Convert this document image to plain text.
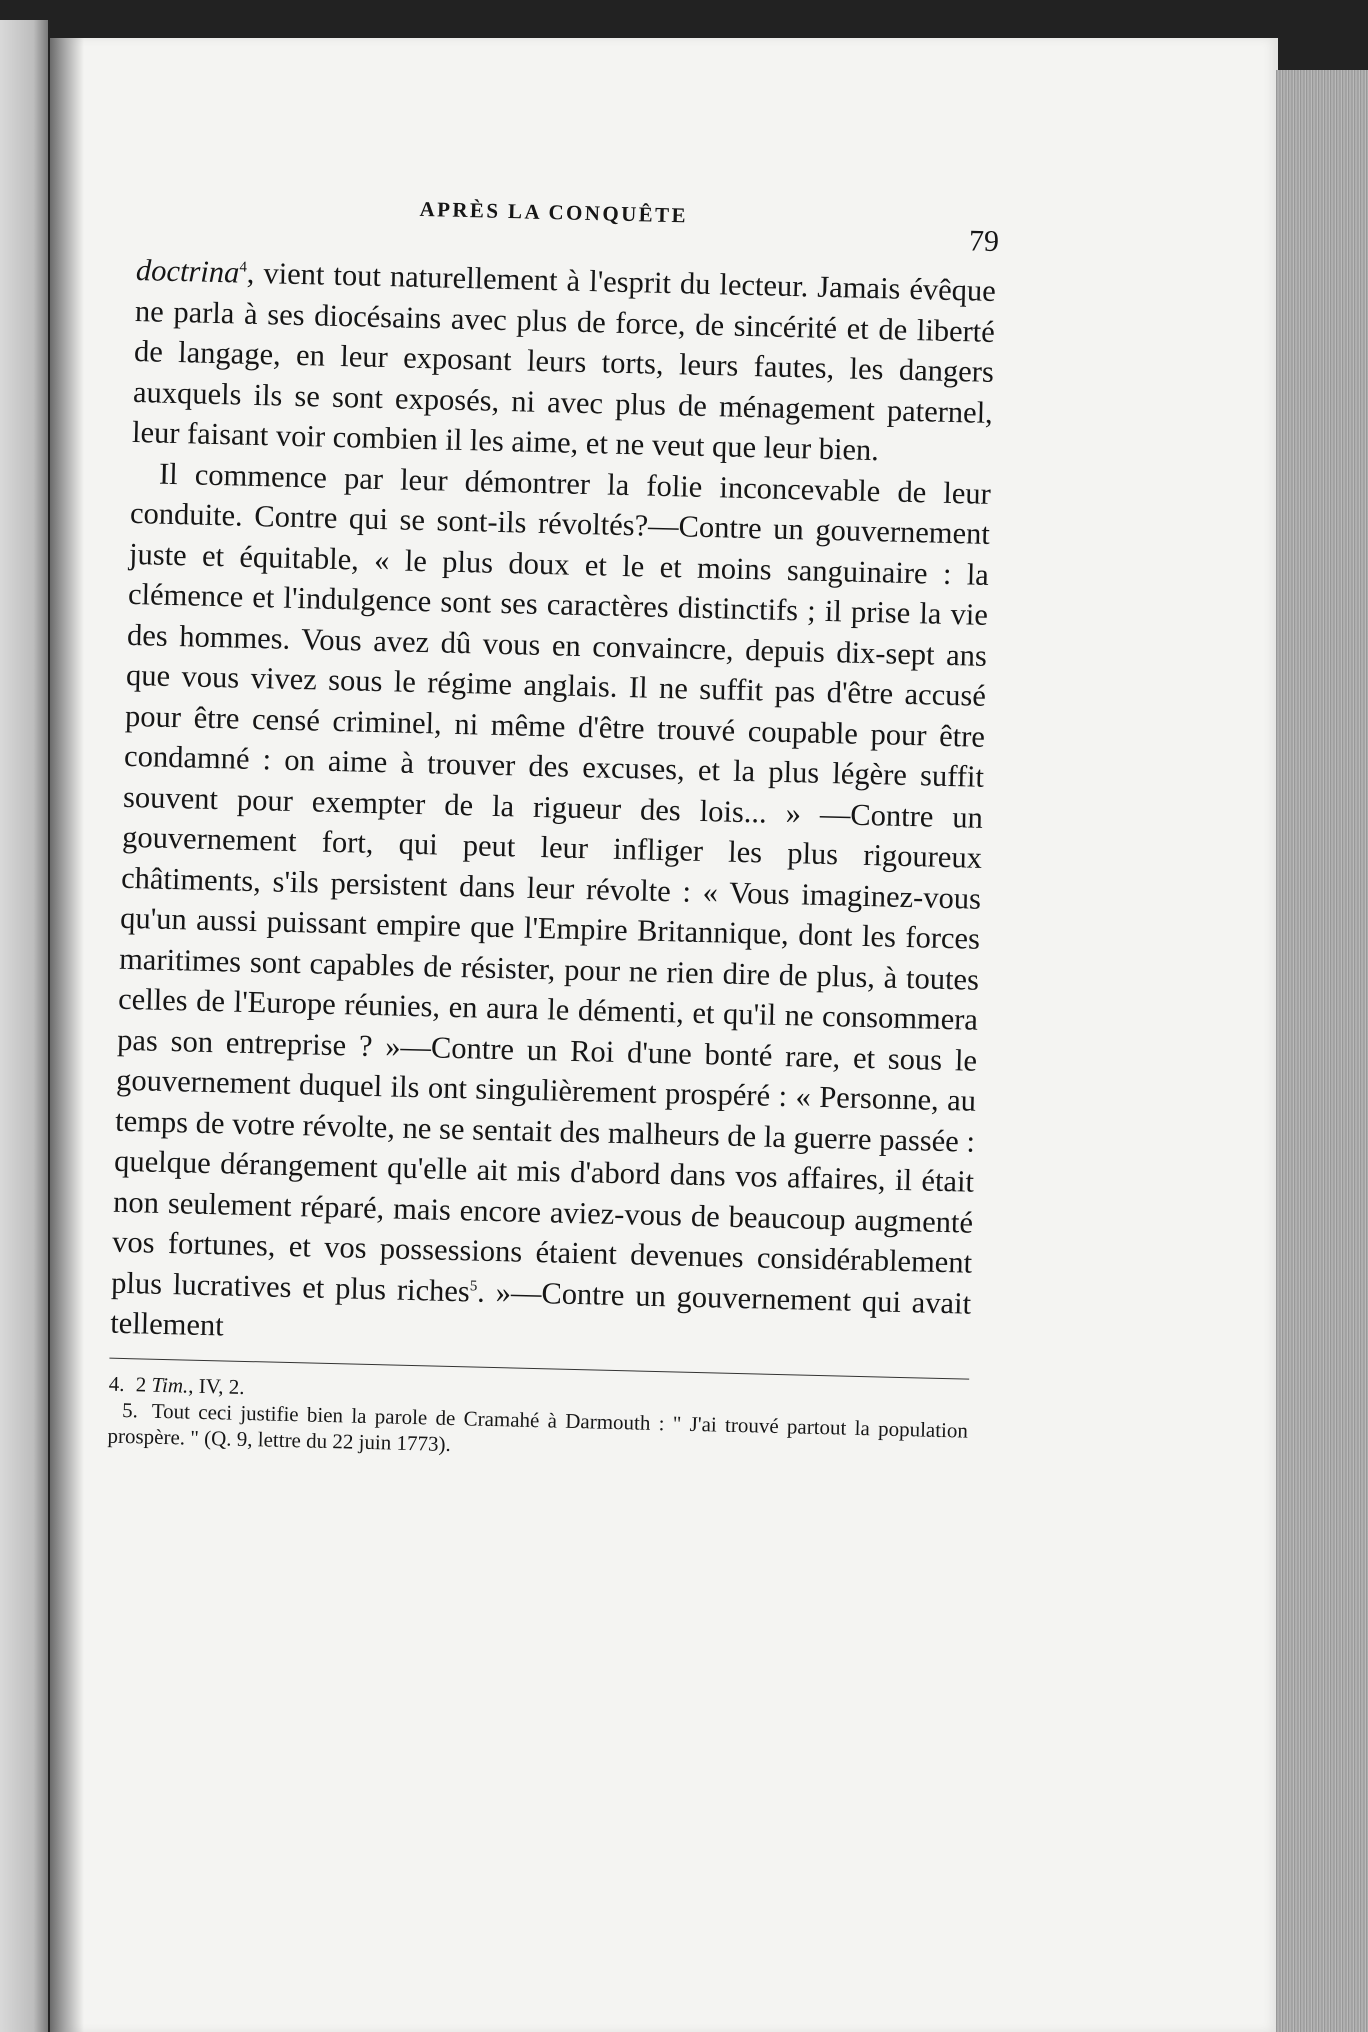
APRÈS LA CONQUÊTE
79

doctrina$^4$, vient tout naturellement à l'esprit du lecteur. Jamais évêque ne parla à ses diocésains avec plus de force, de sincérité et de liberté de langage, en leur exposant leurs torts, leurs fautes, les dangers auxquels ils se sont exposés, ni avec plus de ménagement paternel, leur faisant voir combien il les aime, et ne veut que leur bien.

Il commence par leur démontrer la folie inconcevable de leur conduite. Contre qui se sont-ils révoltés?—Contre un gouvernement juste et équitable, « le plus doux et le et moins sanguinaire : la clémence et l'indulgence sont ses caractères distinctifs ; il prise la vie des hommes. Vous avez dû vous en convaincre, depuis dix-sept ans que vous vivez sous le régime anglais. Il ne suffit pas d'être accusé pour être censé criminel, ni même d'être trouvé coupable pour être condamné : on aime à trouver des excuses, et la plus légère suffit souvent pour exempter de la rigueur des lois... » —Contre un gouvernement fort, qui peut leur infliger les plus rigoureux châtiments, s'ils persistent dans leur révolte : « Vous imaginez-vous qu'un aussi puissant empire que l'Empire Britannique, dont les forces maritimes sont capables de résister, pour ne rien dire de plus, à toutes celles de l'Europe réunies, en aura le démenti, et qu'il ne consommera pas son entreprise ? »—Contre un Roi d'une bonté rare, et sous le gouvernement duquel ils ont singulièrement prospéré : « Personne, au temps de votre révolte, ne se sentait des malheurs de la guerre passée : quelque dérangement qu'elle ait mis d'abord dans vos affaires, il était non seulement réparé, mais encore aviez-vous de beaucoup augmenté vos fortunes, et vos possessions étaient devenues considérablement plus lucratives et plus riches$^5$. »—Contre un gouvernement qui avait tellement

4. 2 Tim., IV, 2.

5. Tout ceci justifie bien la parole de Cramahé à Darmouth : " J'ai trouvé partout la population prospère. " (Q. 9, lettre du 22 juin 1773).
